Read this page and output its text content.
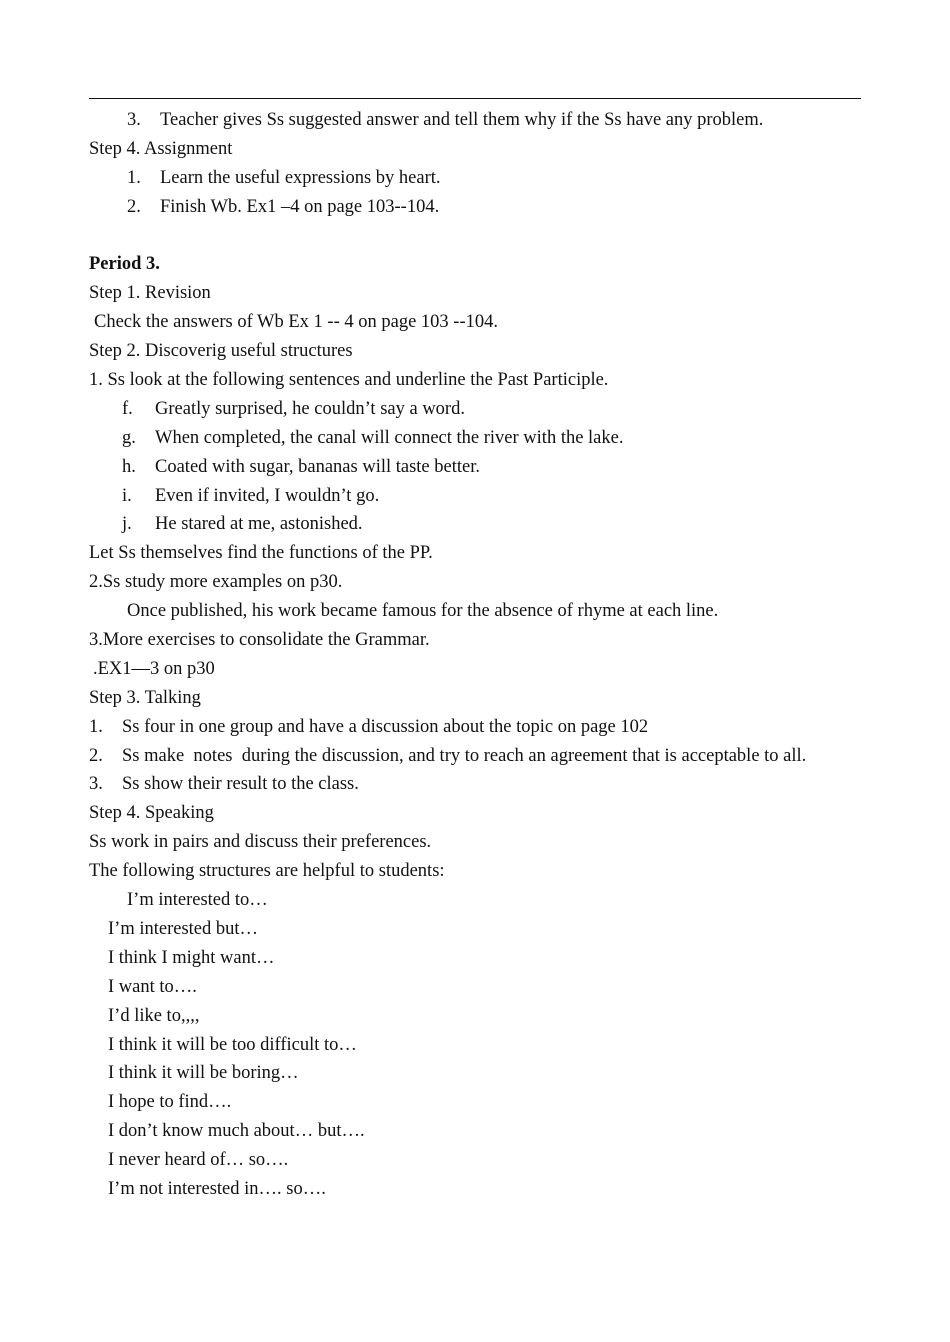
3. Teacher gives Ss suggested answer and tell them why if the Ss have any problem.
Step 4. Assignment
1. Learn the useful expressions by heart.
2. Finish Wb. Ex1 –4 on page 103--104.
Period 3.
Step 1. Revision
Check the answers of Wb Ex 1 -- 4 on page 103 --104.
Step 2. Discoverig useful structures
1. Ss look at the following sentences and underline the Past Participle.
f. Greatly surprised, he couldn’t say a word.
g. When completed, the canal will connect the river with the lake.
h. Coated with sugar, bananas will taste better.
i. Even if invited, I wouldn’t go.
j. He stared at me, astonished.
Let Ss themselves find the functions of the PP.
2.Ss study more examples on p30.
Once published, his work became famous for the absence of rhyme at each line.
3.More exercises to consolidate the Grammar.
.EX1—3 on p30
Step 3. Talking
1. Ss four in one group and have a discussion about the topic on page 102
2. Ss make  notes  during the discussion, and try to reach an agreement that is acceptable to all.
3. Ss show their result to the class.
Step 4. Speaking
Ss work in pairs and discuss their preferences.
The following structures are helpful to students:
I’m interested to…
I’m interested but…
I think I might want…
I want to….
I’d like to,,,,
I think it will be too difficult to…
I think it will be boring…
I hope to find….
I don’t know much about… but….
I never heard of… so….
I’m not interested in…. so….
